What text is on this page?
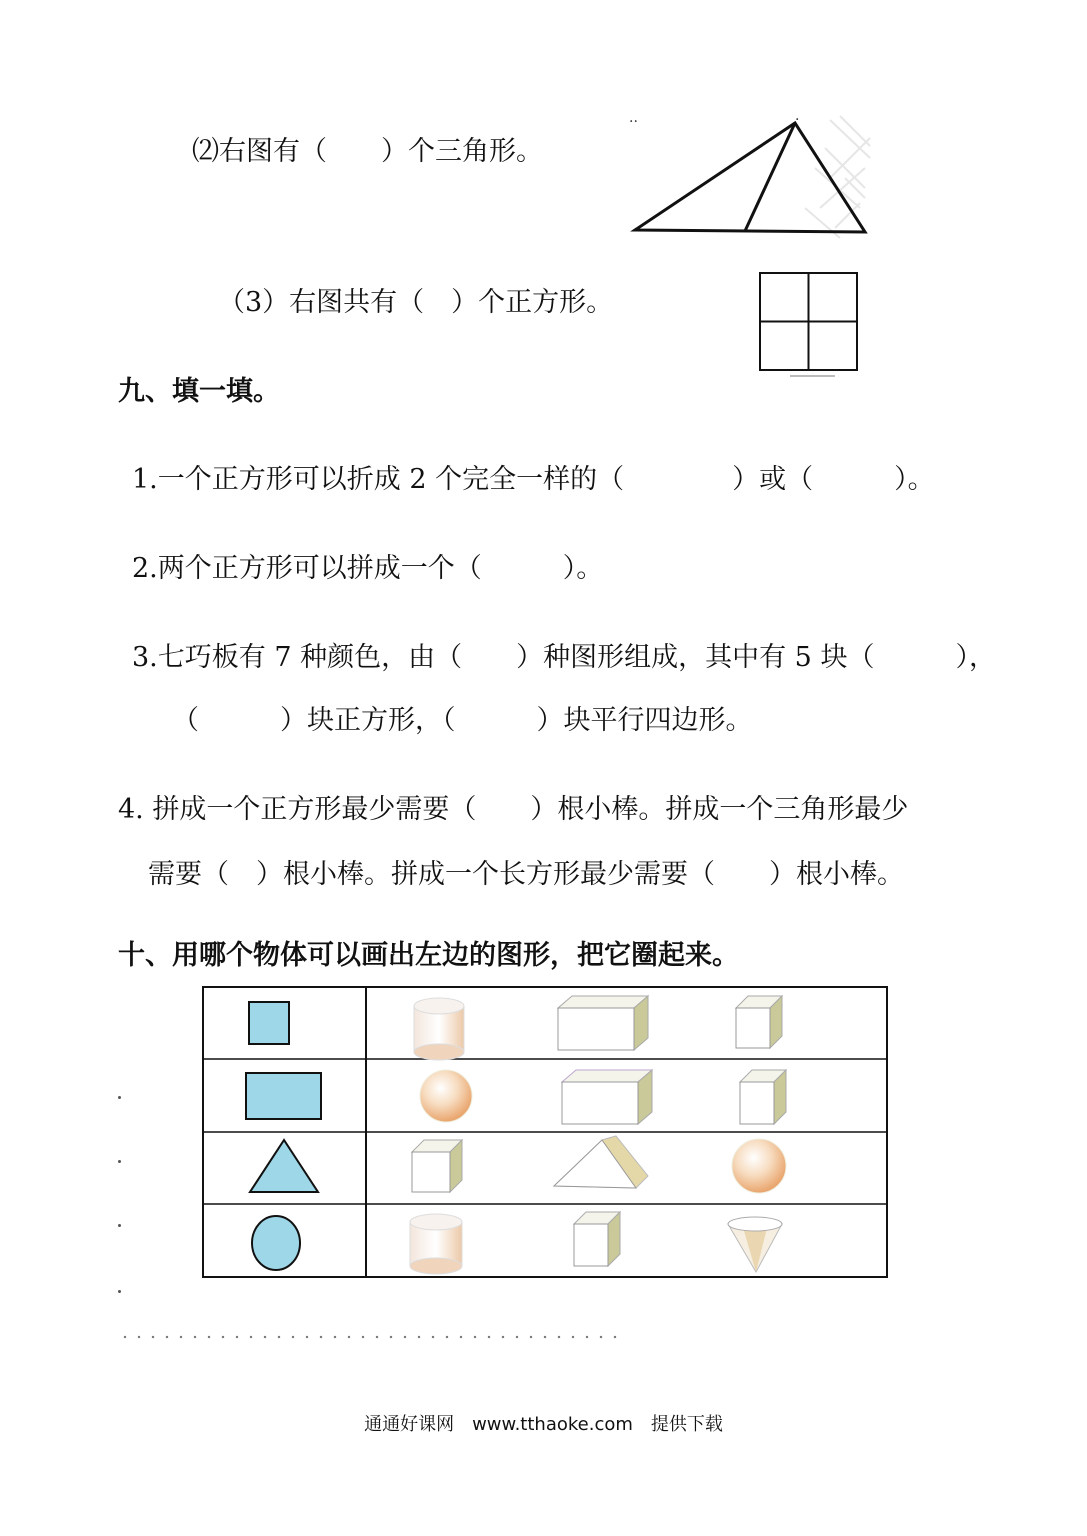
⑵右图有（　　）个三角形。
..	.
（3）右图共有（　）个正方形。
九、填一填。
1.一个正方形可以折成 2 个完全一样的（　　　　）或（　　　）。
2.两个正方形可以拼成一个（　　　）。
3.七巧板有 7 种颜色，由（　　）种图形组成，其中有 5 块（　　　），
（　　　）块正方形，（　　　）块平行四边形。
4. 拼成一个正方形最少需要（　　）根小棒。拼成一个三角形最少
需要（　）根小棒。拼成一个长方形最少需要（　　）根小棒。
十、用哪个物体可以画出左边的图形，把它圈起来。
通通好课网　www.tthaoke.com　提供下载
